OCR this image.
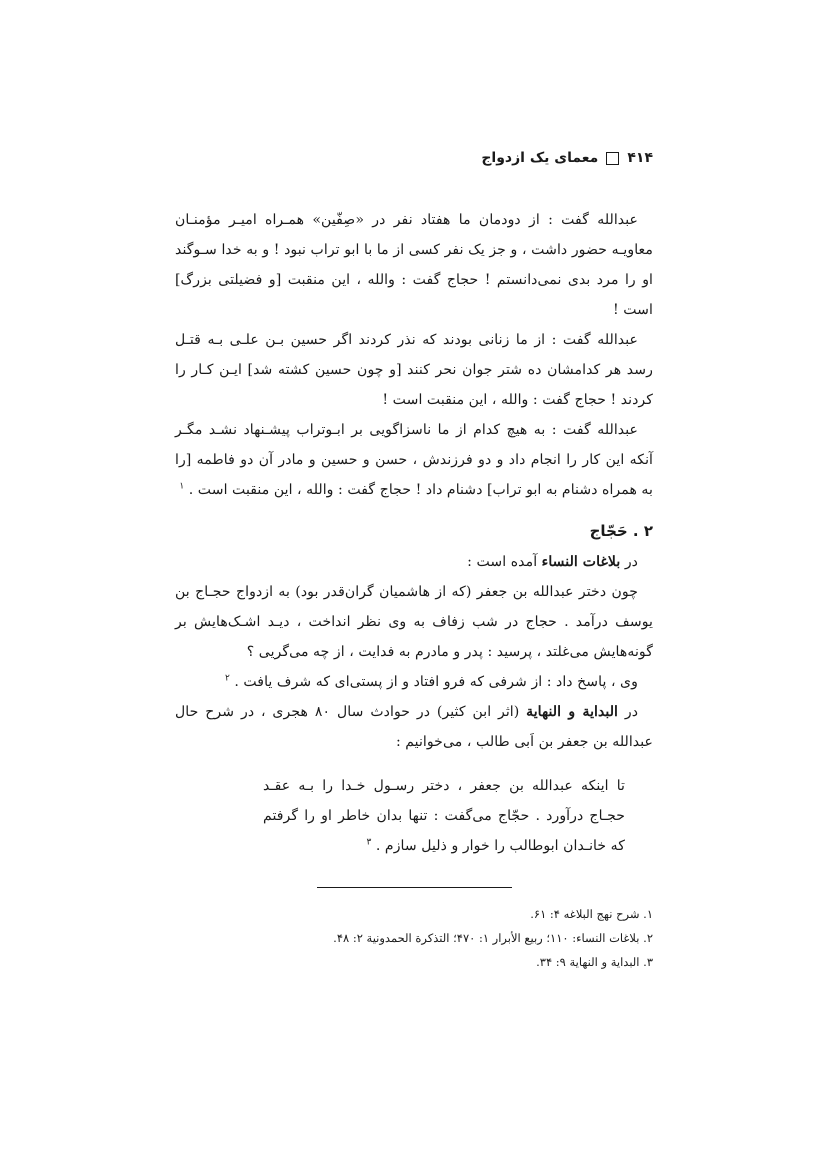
۴۱۴
معمای یک ازدواج

عبدالله گفت : از دودمان ما هفتاد نفر در «صِفّین» همـراه امیـر مؤمنـان معاویـه حضور داشت ، و جز یک نفر کسی از ما با ابو تراب نبود ! و به خدا سـوگند او را مرد بدی نمی‌دانستم ! حجاج گفت : والله ، این منقبت [و فضیلتی بزرگ] است !

عبدالله گفت : از ما زنانی بودند که نذر کردند اگر حسین بـن علـی بـه قتـل رسد هر کدامشان ده شتر جوان نحر کنند [و چون حسین کشته شد] ایـن کـار را کردند ! حجاج گفت : والله ، این منقبت است !

عبدالله گفت : به هیچ کدام از ما ناسزاگویی بر ابـوتراب پیشـنهاد نشـد مگـر آنکه این کار را انجام داد و دو فرزندش ، حسن و حسین و مادر آن دو فاطمه [را به همراه دشنام به ابو تراب] دشنام داد ! حجاج گفت : والله ، این منقبت است . $^۱$

۲ . حَجّاج

در بلاغات النساء آمده است :

چون دختر عبدالله بن جعفر (که از هاشمیان گران‌قدر بود) به ازدواج حجـاج بن یوسف درآمد . حجاج در شب زفاف به وی نظر انداخت ، دیـد اشـک‌هایش بر گونه‌هایش می‌غلتد ، پرسید : پدر و مادرم به فدایت ، از چه می‌گریی ؟

وی ، پاسخ داد : از شرفی که فرو افتاد و از پستی‌ای که شرف یافت . $^۲$

در البدایة و النهایة (اثر ابن کثیر) در حوادث سال ۸۰ هجری ، در شرح حال عبدالله بن جعفر بن اَبی طالب ، می‌خوانیم :

تا اینکه عبدالله بن جعفر ، دختر رسـول خـدا را بـه عقـد حجـاج درآورد . حجّاج می‌گفت : تنها بدان خاطر او را گرفتم که خانـدان ابوطالب را خوار و ذلیل سازم . $^۳$

۱. شرح نهج البلاغه ۴: ۶۱.
۲. بلاغات النساء: ۱۱۰؛ ربیع الأبرار ۱: ۴۷۰؛ التذکرة الحمدونیة ۲: ۴۸.
۳. البدایة و النهایة ۹: ۳۴.
